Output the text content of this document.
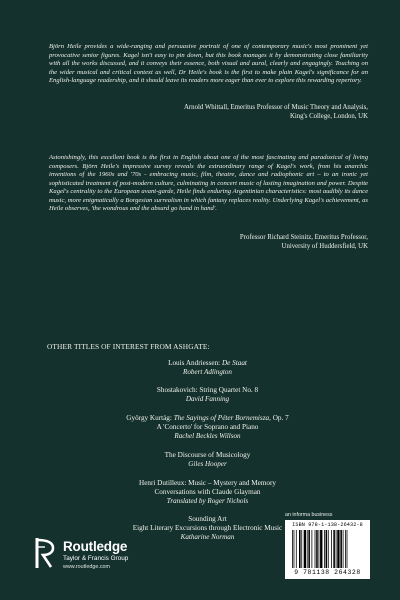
Björn Heile provides a wide-ranging and persuasive portrait of one of contemporary music's most prominent yet provocative senior figures. Kagel isn't easy to pin down, but this book manages it by demonstrating close familiarity with all the works discussed, and it conveys their essence, both visual and aural, clearly and engagingly. Touching on the wider musical and critical context as well, Dr Heile's book is the first to make plain Kagel's significance for an English-language readership, and it should leave its readers more eager than ever to explore this rewarding repertory.

Arnold Whittall, Emeritus Professor of Music Theory and Analysis,
King's College, London, UK

Astonishingly, this excellent book is the first in English about one of the most fascinating and paradoxical of living composers. Björn Heile's impressive survey reveals the extraordinary range of Kagel's work, from his anarchic inventions of the 1960s and '70s - embracing music, film, theatre, dance and radiophonic art – to an ironic yet sophisticated treatment of post-modern culture, culminating in concert music of lasting imagination and power. Despite Kagel's centrality to the European avant-garde, Heile finds enduring Argentinian characteristics: most audibly its dance music, more enigmatically a Borgesian surrealism in which fantasy replaces reality. Underlying Kagel's achievement, as Heile observes, 'the wondrous and the absurd go hand in hand'.

Professor Richard Steinitz, Emeritus Professor,
University of Huddersfield, UK
OTHER TITLES OF INTEREST FROM ASHGATE:
Louis Andriessen: De Staat
Robert Adlington
Shostakovich: String Quartet No. 8
David Fanning
György Kurtág: The Sayings of Péter Bornemisza, Op. 7
A 'Concerto' for Soprano and Piano
Rachel Beckles Willson
The Discourse of Musicology
Giles Hooper
Henri Dutilleux: Music – Mystery and Memory
Conversations with Claude Glayman
Translated by Roger Nichols
Sounding Art
Eight Literary Excursions through Electronic Music
Katharine Norman
an informa business
ISBN 978-1-138-26432-8
9 781138 264328
Routledge
Taylor & Francis Group
www.routledge.com
